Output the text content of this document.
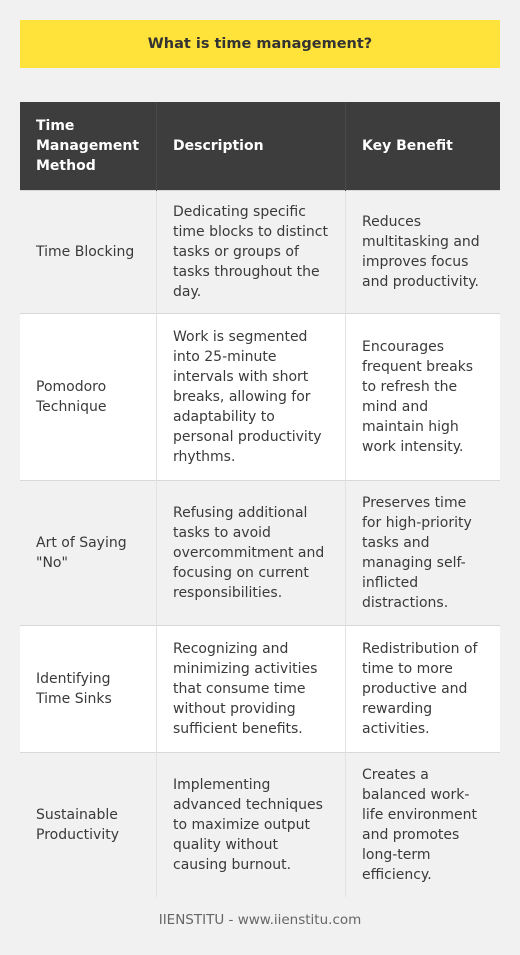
What is time management?
Time Management Method	Description	Key Benefit
Time Blocking	Dedicating specific time blocks to distinct tasks or groups of tasks throughout the day.	Reduces multitasking and improves focus and productivity.
Pomodoro Technique	Work is segmented into 25-minute intervals with short breaks, allowing for adaptability to personal productivity rhythms.	Encourages frequent breaks to refresh the mind and maintain high work intensity.
Art of Saying "No"	Refusing additional tasks to avoid overcommitment and focusing on current responsibilities.	Preserves time for high-priority tasks and managing self-inflicted distractions.
Identifying Time Sinks	Recognizing and minimizing activities that consume time without providing sufficient benefits.	Redistribution of time to more productive and rewarding activities.
Sustainable Productivity	Implementing advanced techniques to maximize output quality without causing burnout.	Creates a balanced work-life environment and promotes long-term efficiency.
IIENSTITU - www.iienstitu.com
